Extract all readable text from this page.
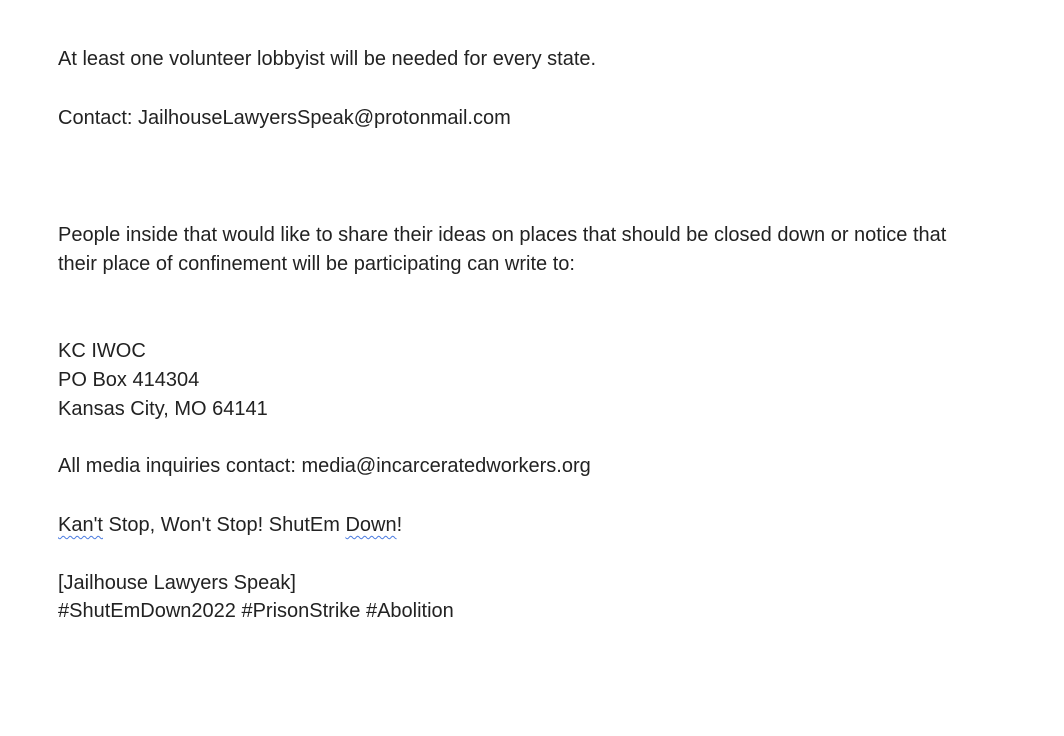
At least one volunteer lobbyist will be needed for every state.
Contact: JailhouseLawyersSpeak@protonmail.com
People inside that would like to share their ideas on places that should be closed down or notice that
their place of confinement will be participating can write to:
KC IWOC
PO Box 414304
Kansas City, MO 64141
All media inquiries contact: media@incarceratedworkers.org
Kan't Stop, Won't Stop! ShutEm Down!
[Jailhouse Lawyers Speak]
#ShutEmDown2022 #PrisonStrike #Abolition
